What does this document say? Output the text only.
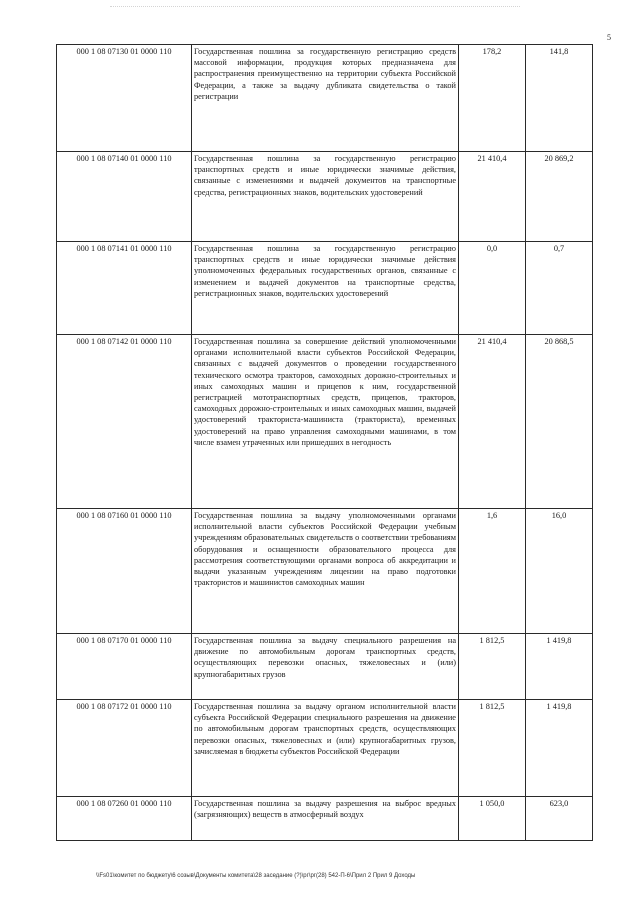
5
000 1 08 07130 01 0000 110	Государственная пошлина за государственную регистрацию средств массовой информации, продукция которых предназначена для распространения преимущественно на территории субъекта Российской Федерации, а также за выдачу дубликата свидетельства о такой регистрации	178,2	141,8
000 1 08 07140 01 0000 110	Государственная пошлина за государственную регистрацию транспортных средств и иные юридически значимые действия, связанные с изменениями и выдачей документов на транспортные средства, регистрационных знаков, водительских удостоверений	21 410,4	20 869,2
000 1 08 07141 01 0000 110	Государственная пошлина за государственную регистрацию транспортных средств и иные юридически значимые действия уполномоченных федеральных государственных органов, связанные с изменением и выдачей документов на транспортные средства, регистрационных знаков, водительских удостоверений	0,0	0,7
000 1 08 07142 01 0000 110	Государственная пошлина за совершение действий уполномоченными органами исполнительной власти субъектов Российской Федерации, связанных с выдачей документов о проведении государственного технического осмотра тракторов, самоходных дорожно-строительных и иных самоходных машин и прицепов к ним, государственной регистрацией мототранспортных средств, прицепов, тракторов, самоходных дорожно-строительных и иных самоходных машин, выдачей удостоверений тракториста-машиниста (тракториста), временных удостоверений на право управления самоходными машинами, в том числе взамен утраченных или пришедших в негодность	21 410,4	20 868,5
000 1 08 07160 01 0000 110	Государственная пошлина за выдачу уполномоченными органами исполнительной власти субъектов Российской Федерации учебным учреждениям образовательных свидетельств о соответствии требованиям оборудования и оснащенности образовательного процесса для рассмотрения соответствующими органами вопроса об аккредитации и выдачи указанным учреждениям лицензии на право подготовки трактористов и машинистов самоходных машин	1,6	16,0
000 1 08 07170 01 0000 110	Государственная пошлина за выдачу специального разрешения на движение по автомобильным дорогам транспортных средств, осуществляющих перевозки опасных, тяжеловесных и (или) крупногабаритных грузов	1 812,5	1 419,8
000 1 08 07172 01 0000 110	Государственная пошлина за выдачу органом исполнительной власти субъекта Российской Федерации специального разрешения на движение по автомобильным дорогам транспортных средств, осуществляющих перевозки опасных, тяжеловесных и (или) крупногабаритных грузов, зачисляемая в бюджеты субъектов Российской Федерации	1 812,5	1 419,8
000 1 08 07260 01 0000 110	Государственная пошлина за выдачу разрешения на выброс вредных (загрязняющих) веществ в атмосферный воздух	1 050,0	623,0
\\Fs01\комитет по бюджету\6 созыв\Документы комитета\28 заседание (?)\рг\рг(28) 542-П-6\Прил 2 Прил 9 Доходы
